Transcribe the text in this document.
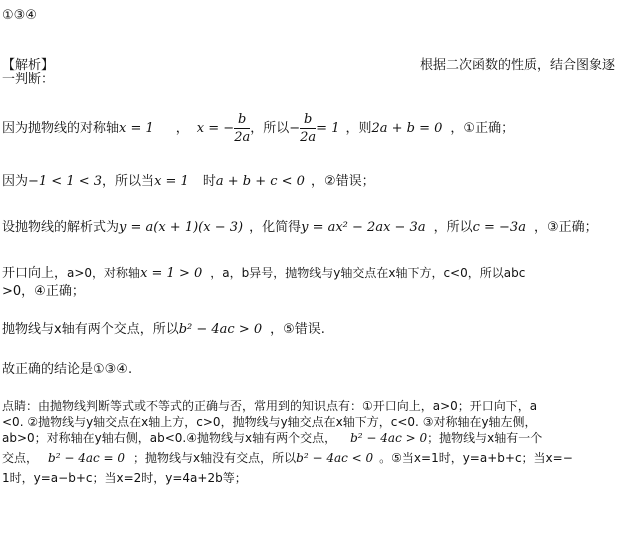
①③④
【解析】	根据二次函数的性质，结合图象逐
一判断：
因为抛物线的对称轴x = 1 ， x = − $\frac{b}{2a}$ ，所以− $\frac{b}{2a} = 1$ ，则2a + b = 0 ，①正确；
因为−1 < 1 < 3，所以当x = 1 时a + b + c < 0 ，②错误；
设抛物线的解析式为y = a(x + 1)(x − 3) ，化简得y = ax² − 2ax − 3a ，所以c = −3a ，③正确；
开口向上，a>0，对称轴x = 1 > 0 ，a，b异号，抛物线与y轴交点在x轴下方，c<0，所以abc
>0，④正确；
抛物线与x轴有两个交点，所以b² − 4ac > 0 ，⑤错误.
故正确的结论是①③④.
点睛：由抛物线判断等式或不等式的正确与否，常用到的知识点有：①开口向上，a>0；开口向下，a
<0. ②抛物线与y轴交点在x轴上方，c>0，抛物线与y轴交点在x轴下方，c<0. ③对称轴在y轴左侧，
ab>0；对称轴在y轴右侧，ab<0.④抛物线与x轴有两个交点， b² − 4ac > 0；抛物线与x轴有一个
交点， b² − 4ac = 0 ；抛物线与x轴没有交点，所以b² − 4ac < 0 。⑤当x=1时，y=a+b+c；当x=−
1时，y=a−b+c；当x=2时，y=4a+2b等；
